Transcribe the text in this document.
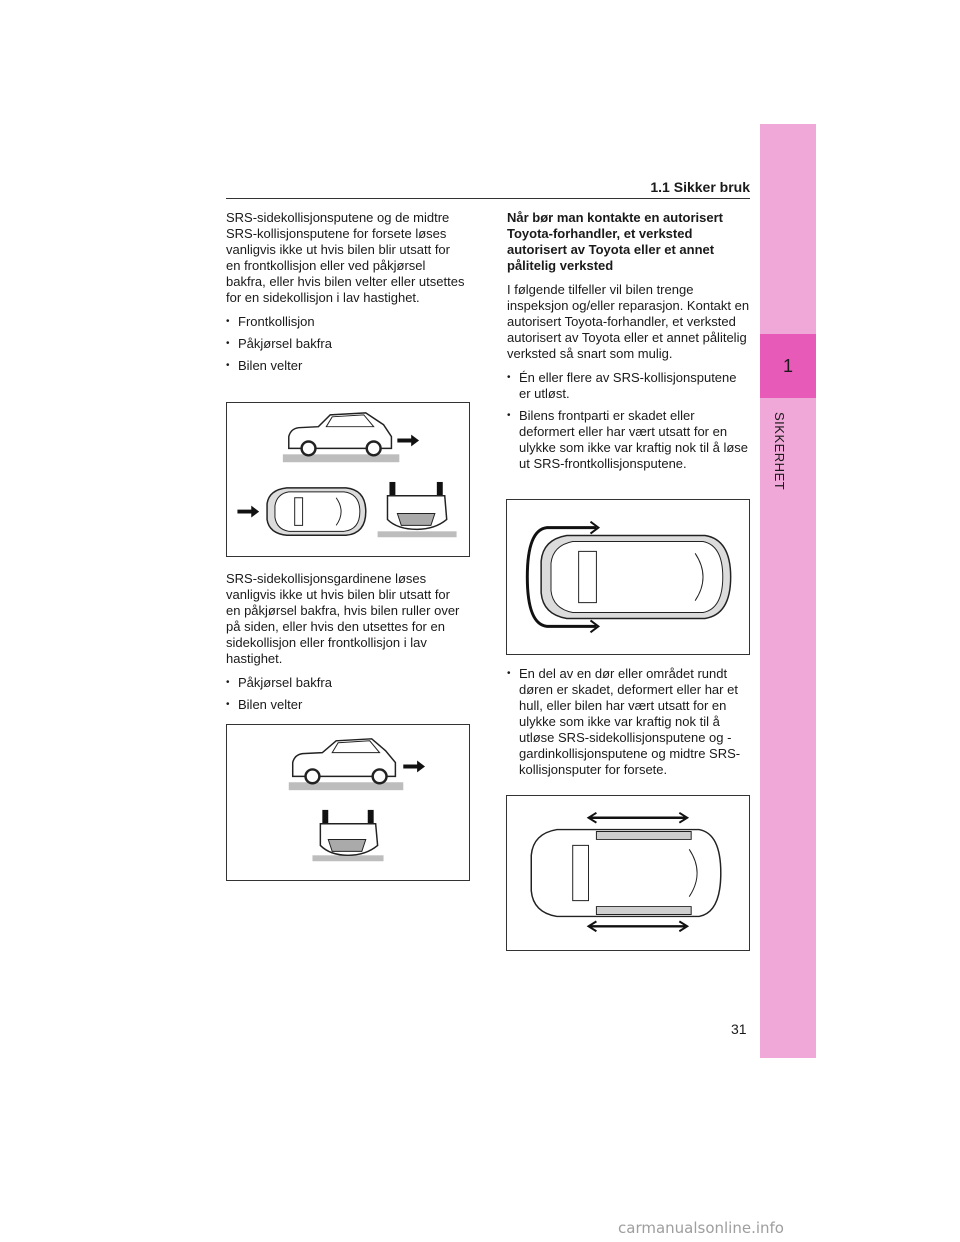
1.1 Sikker bruk
1
SIKKERHET

SRS-sidekollisjonsputene og de midtre SRS-kollisjonsputene for forsete løses vanligvis ikke ut hvis bilen blir utsatt for en frontkollisjon eller ved påkjørsel bakfra, eller hvis bilen velter eller utsettes for en sidekollisjon i lav hastighet.

• Frontkollisjon
• Påkjørsel bakfra
• Bilen velter

SRS-sidekollisjonsgardinene løses vanligvis ikke ut hvis bilen blir utsatt for en påkjørsel bakfra, hvis bilen ruller over på siden, eller hvis den utsettes for en sidekollisjon eller frontkollisjon i lav hastighet.

• Påkjørsel bakfra
• Bilen velter

Når bør man kontakte en autorisert Toyota-forhandler, et verksted autorisert av Toyota eller et annet pålitelig verksted

I følgende tilfeller vil bilen trenge inspeksjon og/eller reparasjon. Kontakt en autorisert Toyota-forhandler, et verksted autorisert av Toyota eller et annet pålitelig verksted så snart som mulig.

• Én eller flere av SRS-kollisjonsputene er utløst.
• Bilens frontparti er skadet eller deformert eller har vært utsatt for en ulykke som ikke var kraftig nok til å løse ut SRS-frontkollisjonsputene.
• En del av en dør eller området rundt døren er skadet, deformert eller har et hull, eller bilen har vært utsatt for en ulykke som ikke var kraftig nok til å utløse SRS-sidekollisjonsputene og -gardinkollisjonsputene og midtre SRS-kollisjonsputer for forsete.
31
carmanualsonline.info
